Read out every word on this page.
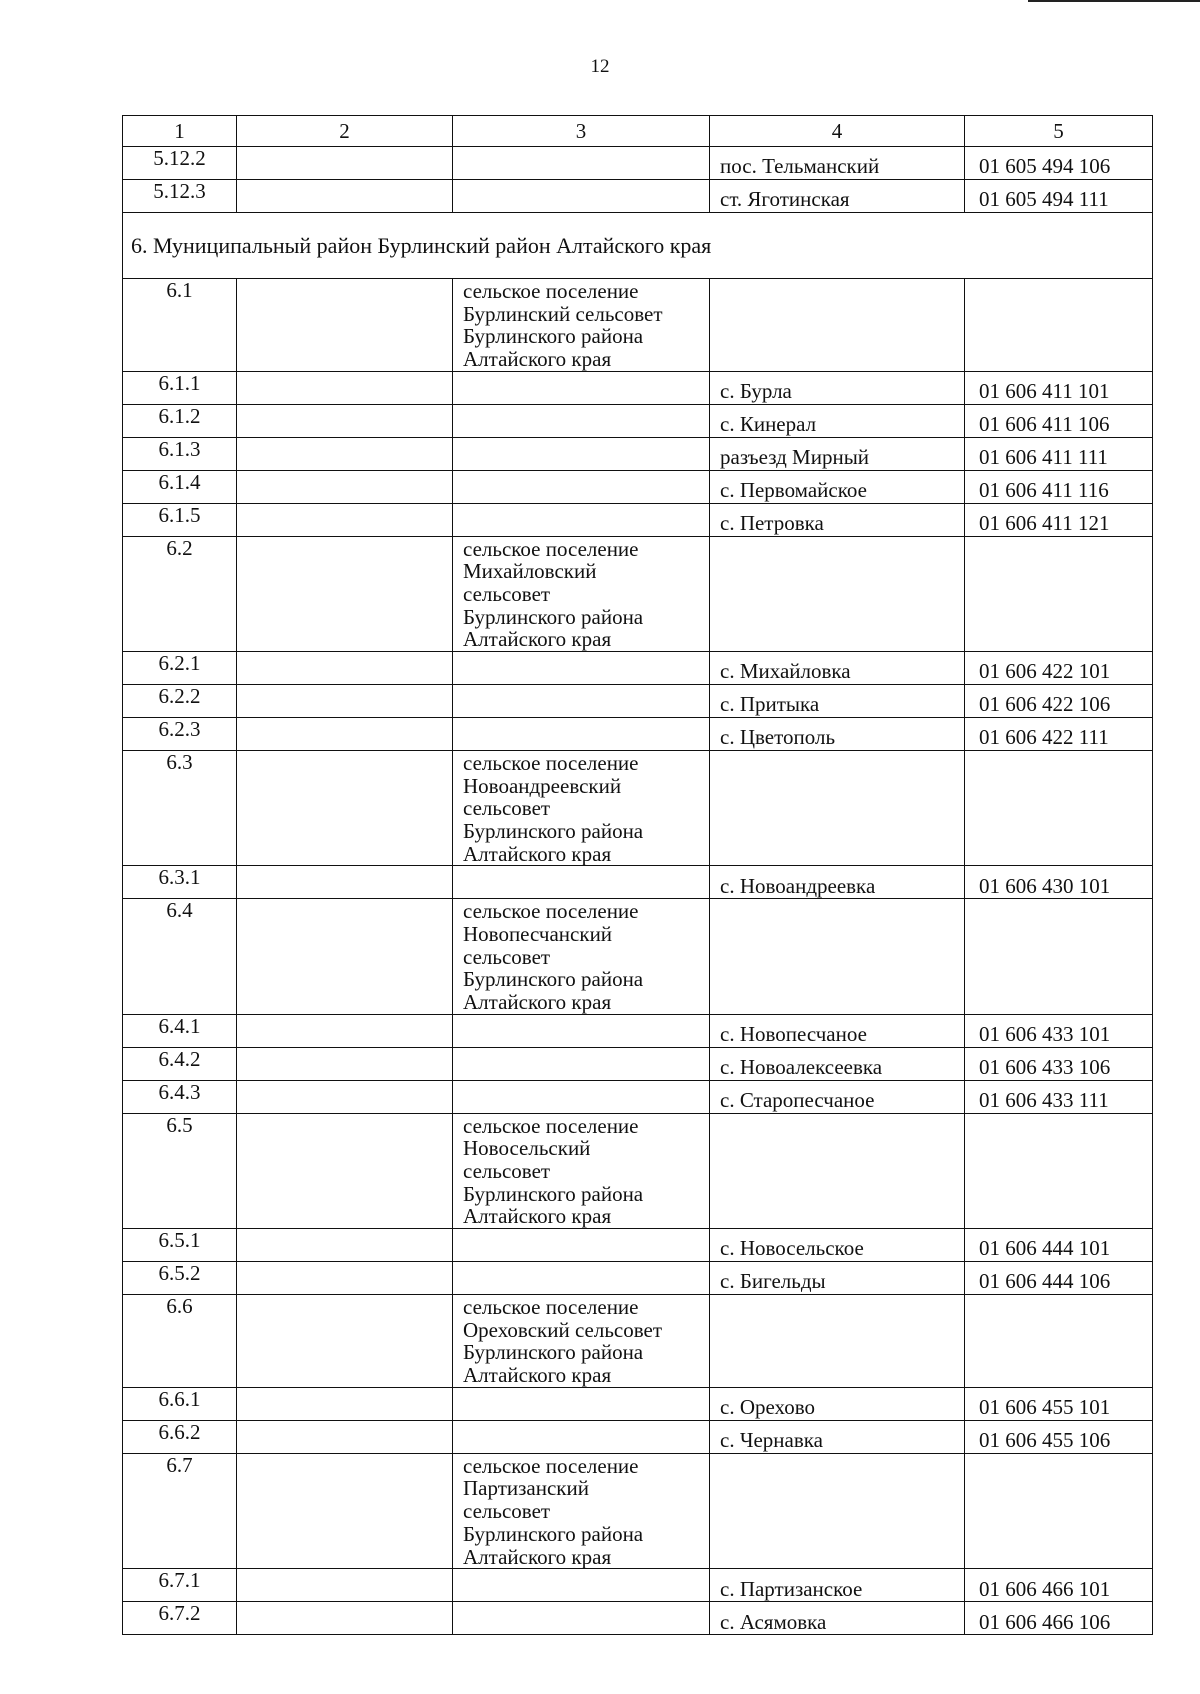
12
1	2	3	4	5
5.12.2			пос. Тельманский	01 605 494 106
5.12.3			ст. Яготинская	01 605 494 111
6. Муниципальный район Бурлинский район Алтайского края				
6.1		сельское поселение
Бурлинский сельсовет
Бурлинского района
Алтайского края		

6.1.1			с. Бурла	01 606 411 101
6.1.2			с. Кинерал	01 606 411 106
6.1.3			разъезд Мирный	01 606 411 111
6.1.4			с. Первомайское	01 606 411 116
6.1.5			с. Петровка	01 606 411 121
6.2		сельское поселение
Михайловский
сельсовет
Бурлинского района
Алтайского края		

6.2.1			с. Михайловка	01 606 422 101
6.2.2			с. Притыка	01 606 422 106
6.2.3			с. Цветополь	01 606 422 111
6.3		сельское поселение
Новоандреевский
сельсовет
Бурлинского района
Алтайского края		

6.3.1			с. Новоандреевка	01 606 430 101
6.4		сельское поселение
Новопесчанский
сельсовет
Бурлинского района
Алтайского края		

6.4.1			с. Новопесчаное	01 606 433 101
6.4.2			с. Новоалексеевка	01 606 433 106
6.4.3			с. Старопесчаное	01 606 433 111
6.5		сельское поселение
Новосельский
сельсовет
Бурлинского района
Алтайского края		

6.5.1			с. Новосельское	01 606 444 101
6.5.2			с. Бигельды	01 606 444 106
6.6		сельское поселение
Ореховский сельсовет
Бурлинского района
Алтайского края		

6.6.1			с. Орехово	01 606 455 101
6.6.2			с. Чернавка	01 606 455 106
6.7		сельское поселение
Партизанский
сельсовет
Бурлинского района
Алтайского края		

6.7.1			с. Партизанское	01 606 466 101
6.7.2			с. Асямовка	01 606 466 106
